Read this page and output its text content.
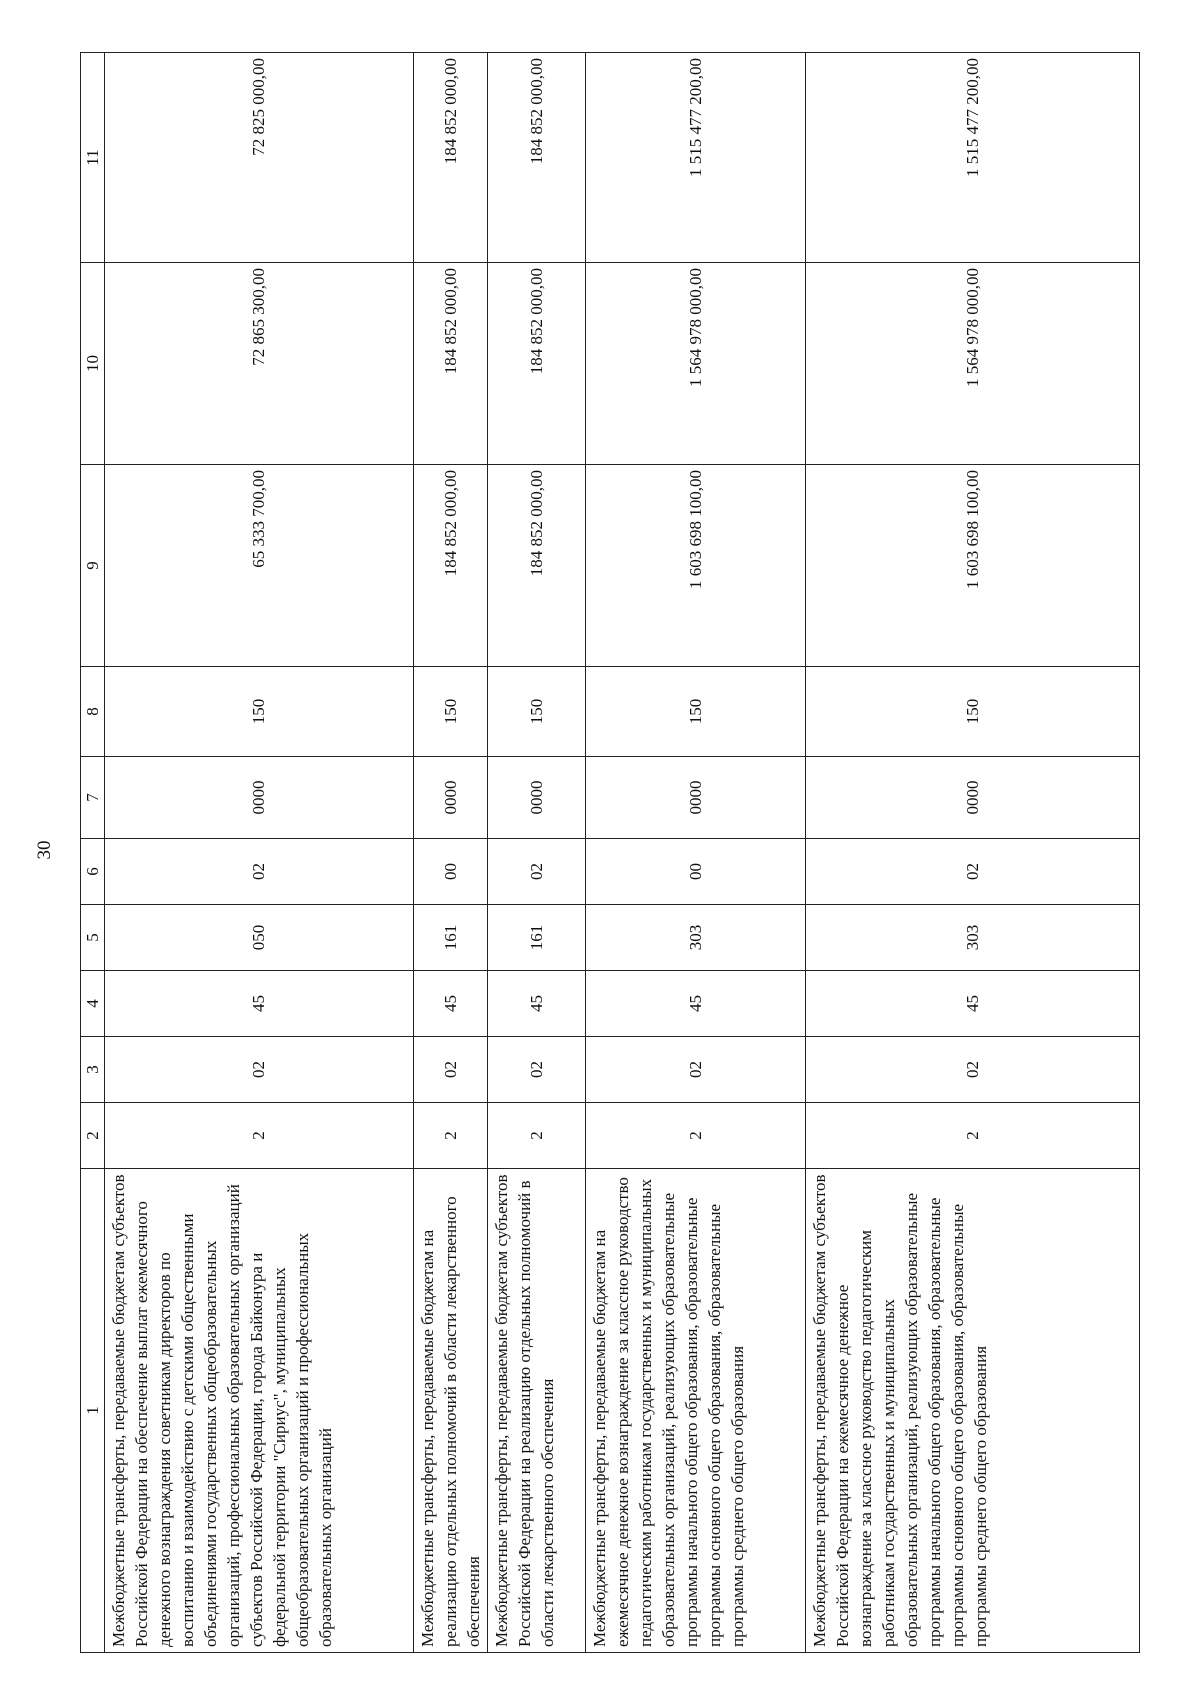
30
1	2	3	4	5	6	7	8	9	10	11
Межбюджетные трансферты, передаваемые бюджетам субъектов Российской Федерации на обеспечение выплат ежемесячного денежного вознаграждения советникам директоров по воспитанию и взаимодействию с детскими общественными объединениями государственных общеобразовательных организаций, профессиональных образовательных организаций субъектов Российской Федерации, города Байконура и федеральной территории "Сириус", муниципальных общеобразовательных организаций и профессиональных образовательных организаций	2	02	45	050	02	0000	150	65 333 700,00	72 865 300,00	72 825 000,00
Межбюджетные трансферты, передаваемые бюджетам на реализацию отдельных полномочий в области лекарственного обеспечения	2	02	45	161	00	0000	150	184 852 000,00	184 852 000,00	184 852 000,00
Межбюджетные трансферты, передаваемые бюджетам субъектов Российской Федерации на реализацию отдельных полномочий в области лекарственного обеспечения	2	02	45	161	02	0000	150	184 852 000,00	184 852 000,00	184 852 000,00
Межбюджетные трансферты, передаваемые бюджетам на ежемесячное денежное вознаграждение за классное руководство педагогическим работникам государственных и муниципальных образовательных организаций, реализующих образовательные программы начального общего образования, образовательные программы основного общего образования, образовательные программы среднего общего образования	2	02	45	303	00	0000	150	1 603 698 100,00	1 564 978 000,00	1 515 477 200,00
Межбюджетные трансферты, передаваемые бюджетам субъектов Российской Федерации на ежемесячное денежное вознаграждение за классное руководство педагогическим работникам государственных и муниципальных образовательных организаций, реализующих образовательные программы начального общего образования, образовательные программы основного общего образования, образовательные программы среднего общего образования	2	02	45	303	02	0000	150	1 603 698 100,00	1 564 978 000,00	1 515 477 200,00
